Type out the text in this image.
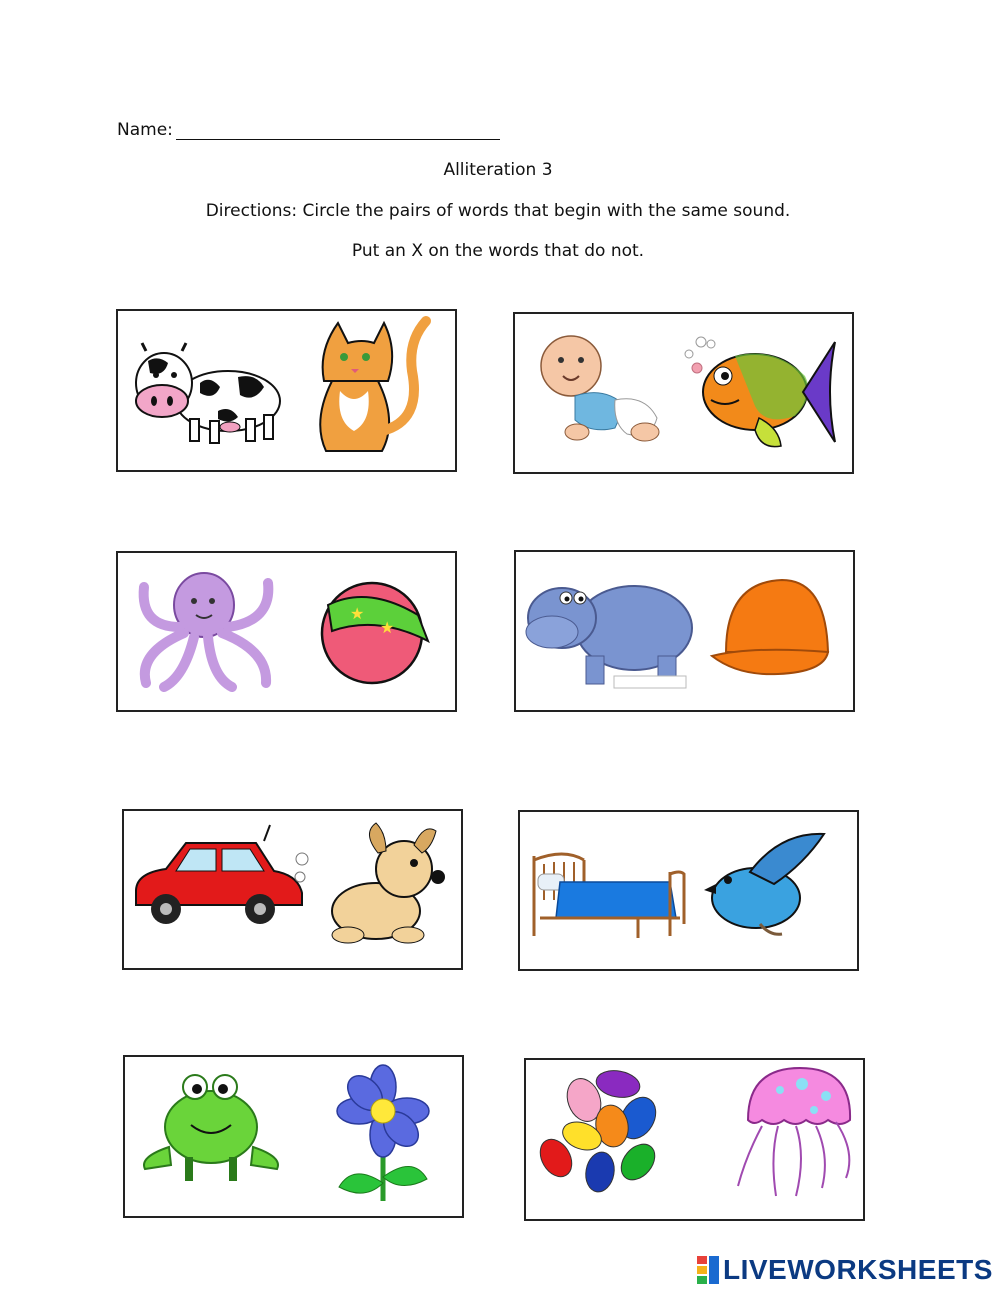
Name:
Alliteration 3
Directions: Circle the pairs of words that begin with the same sound.
Put an X on the words that do not.
★
★
LIVEWORKSHEETS
